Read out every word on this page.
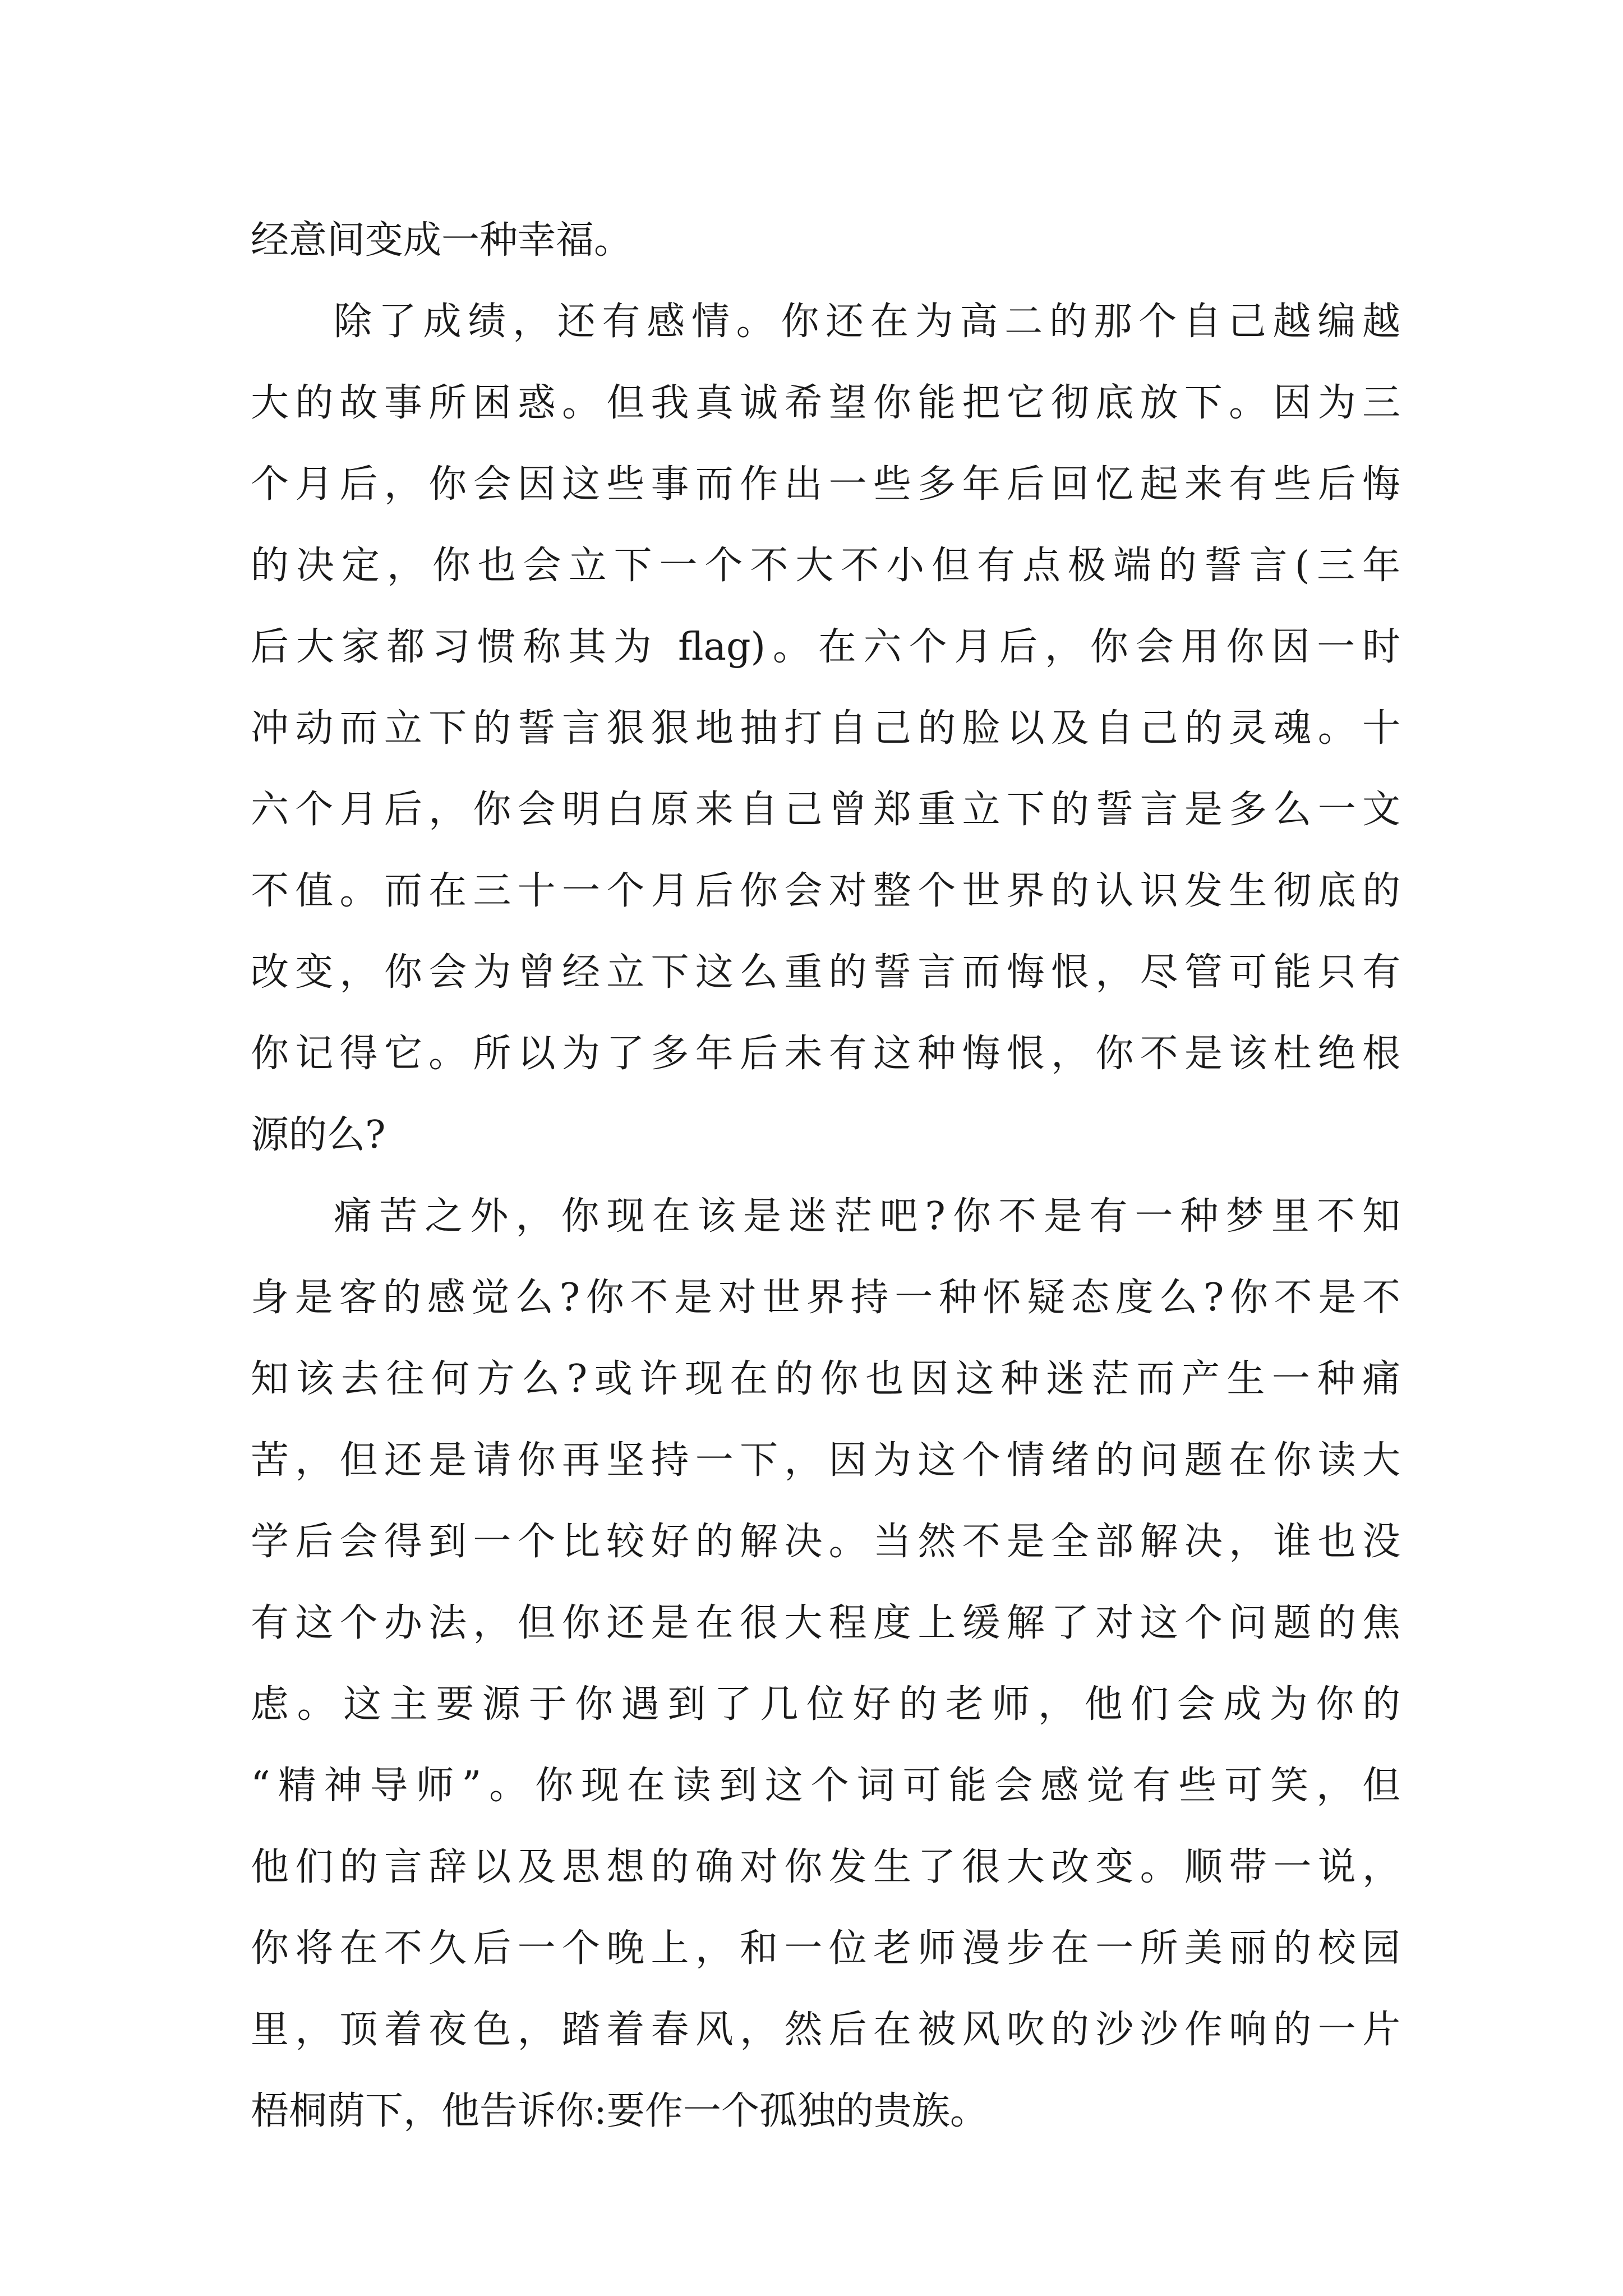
经意间变成一种幸福。
除了成绩，还有感情。你还在为高二的那个自己越编越
大的故事所困惑。但我真诚希望你能把它彻底放下。因为三
个月后，你会因这些事而作出一些多年后回忆起来有些后悔
的决定，你也会立下一个不大不小但有点极端的誓言(三年
后大家都习惯称其为 flag)。在六个月后，你会用你因一时
冲动而立下的誓言狠狠地抽打自己的脸以及自己的灵魂。十
六个月后，你会明白原来自己曾郑重立下的誓言是多么一文
不值。而在三十一个月后你会对整个世界的认识发生彻底的
改变，你会为曾经立下这么重的誓言而悔恨，尽管可能只有
你记得它。所以为了多年后未有这种悔恨，你不是该杜绝根
源的么?
痛苦之外，你现在该是迷茫吧?你不是有一种梦里不知
身是客的感觉么?你不是对世界持一种怀疑态度么?你不是不
知该去往何方么?或许现在的你也因这种迷茫而产生一种痛
苦，但还是请你再坚持一下，因为这个情绪的问题在你读大
学后会得到一个比较好的解决。当然不是全部解决，谁也没
有这个办法，但你还是在很大程度上缓解了对这个问题的焦
虑。这主要源于你遇到了几位好的老师，他们会成为你的
“精神导师”。你现在读到这个词可能会感觉有些可笑，但
他们的言辞以及思想的确对你发生了很大改变。顺带一说，
你将在不久后一个晚上，和一位老师漫步在一所美丽的校园
里，顶着夜色，踏着春风，然后在被风吹的沙沙作响的一片
梧桐荫下，他告诉你:要作一个孤独的贵族。
